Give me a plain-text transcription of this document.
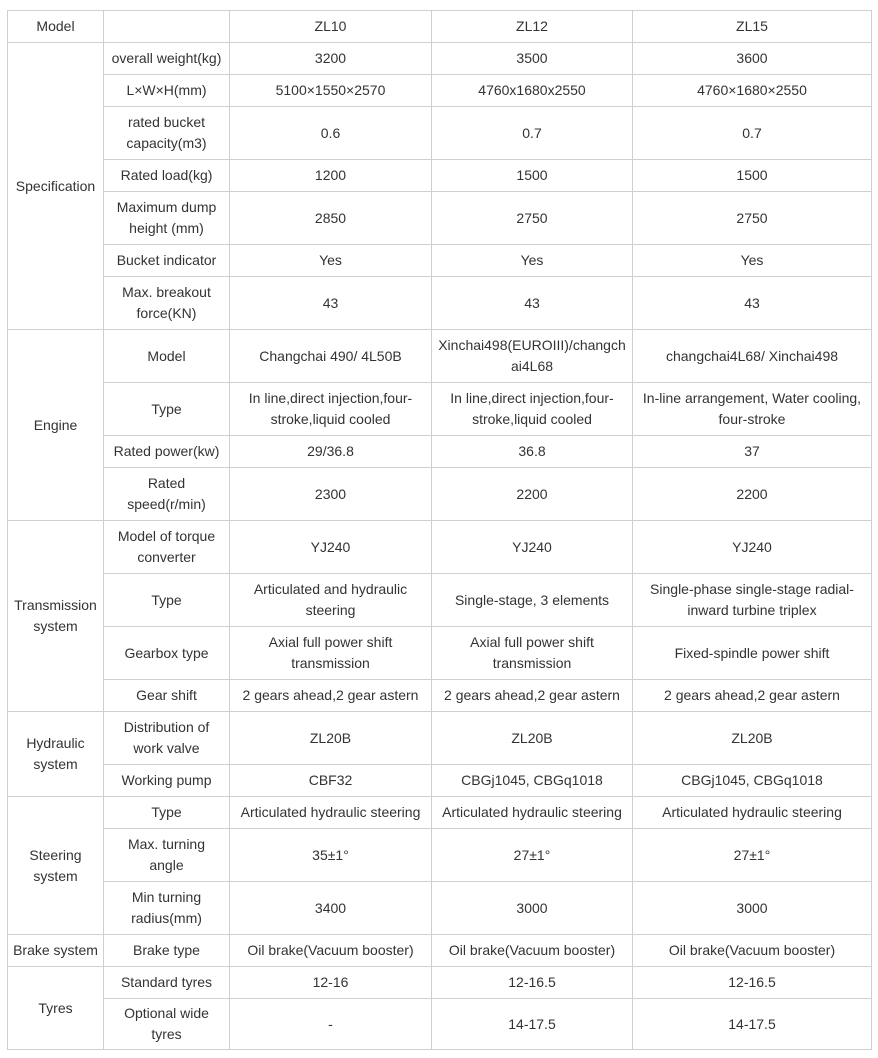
Model		ZL10	ZL12	ZL15
Specification	overall weight(kg)	3200	3500	3600
	L×W×H(mm)	5100×1550×2570	4760x1680x2550	4760×1680×2550
	rated bucket capacity(m3)	0.6	0.7	0.7
	Rated load(kg)	1200	1500	1500
	Maximum dump height (mm)	2850	2750	2750
	Bucket indicator	Yes	Yes	Yes
	Max. breakout force(KN)	43	43	43
Engine	Model	Changchai 490/ 4L50B	Xinchai498(EUROIII)/changchai4L68	changchai4L68/ Xinchai498
	Type	In line,direct injection,four-stroke,liquid cooled	In line,direct injection,four-stroke,liquid cooled	In-line arrangement, Water cooling, four-stroke
	Rated power(kw)	29/36.8	36.8	37
	Rated speed(r/min)	2300	2200	2200
Transmission system	Model of torque converter	YJ240	YJ240	YJ240
	Type	Articulated and hydraulic steering	Single-stage, 3 elements	Single-phase single-stage radial-inward turbine triplex
	Gearbox type	Axial full power shift transmission	Axial full power shift transmission	Fixed-spindle power shift
	Gear shift	2 gears ahead,2 gear astern	2 gears ahead,2 gear astern	2 gears ahead,2 gear astern
Hydraulic system	Distribution of work valve	ZL20B	ZL20B	ZL20B
	Working pump	CBF32	CBGj1045, CBGq1018	CBGj1045, CBGq1018
Steering system	Type	Articulated hydraulic steering	Articulated hydraulic steering	Articulated hydraulic steering
	Max. turning angle	35±1°	27±1°	27±1°
	Min turning radius(mm)	3400	3000	3000
Brake system	Brake type	Oil brake(Vacuum booster)	Oil brake(Vacuum booster)	Oil brake(Vacuum booster)
Tyres	Standard tyres	12-16	12-16.5	12-16.5
	Optional wide tyres	-	14-17.5	14-17.5
